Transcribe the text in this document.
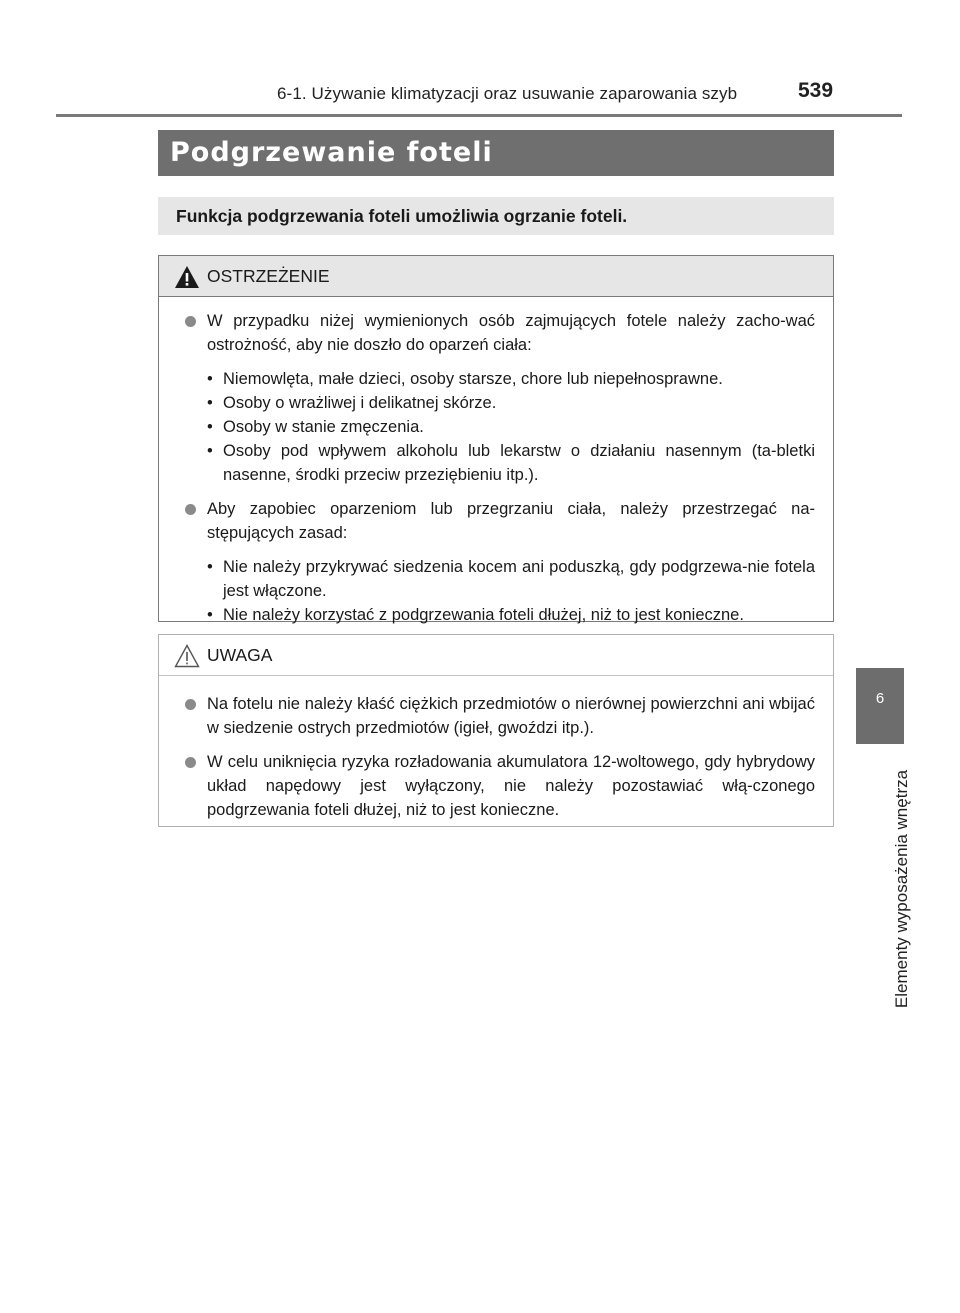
6-1. Używanie klimatyzacji oraz usuwanie zaparowania szyb	539
6
Elementy wyposażenia wnętrza
Podgrzewanie foteli
Funkcja podgrzewania foteli umożliwia ogrzanie foteli.
OSTRZEŻENIE
W przypadku niżej wymienionych osób zajmujących fotele należy zacho-wać ostrożność, aby nie doszło do oparzeń ciała:
• Niemowlęta, małe dzieci, osoby starsze, chore lub niepełnosprawne.
• Osoby o wrażliwej i delikatnej skórze.
• Osoby w stanie zmęczenia.
• Osoby pod wpływem alkoholu lub lekarstw o działaniu nasennym (ta-bletki nasenne, środki przeciw przeziębieniu itp.).
Aby zapobiec oparzeniom lub przegrzaniu ciała, należy przestrzegać na-stępujących zasad:
• Nie należy przykrywać siedzenia kocem ani poduszką, gdy podgrzewa-nie fotela jest włączone.
• Nie należy korzystać z podgrzewania foteli dłużej, niż to jest konieczne.
UWAGA
Na fotelu nie należy kłaść ciężkich przedmiotów o nierównej powierzchni ani wbijać w siedzenie ostrych przedmiotów (igieł, gwoździ itp.).
W celu uniknięcia ryzyka rozładowania akumulatora 12-woltowego, gdy hybrydowy układ napędowy jest wyłączony, nie należy pozostawiać włą-czonego podgrzewania foteli dłużej, niż to jest konieczne.
